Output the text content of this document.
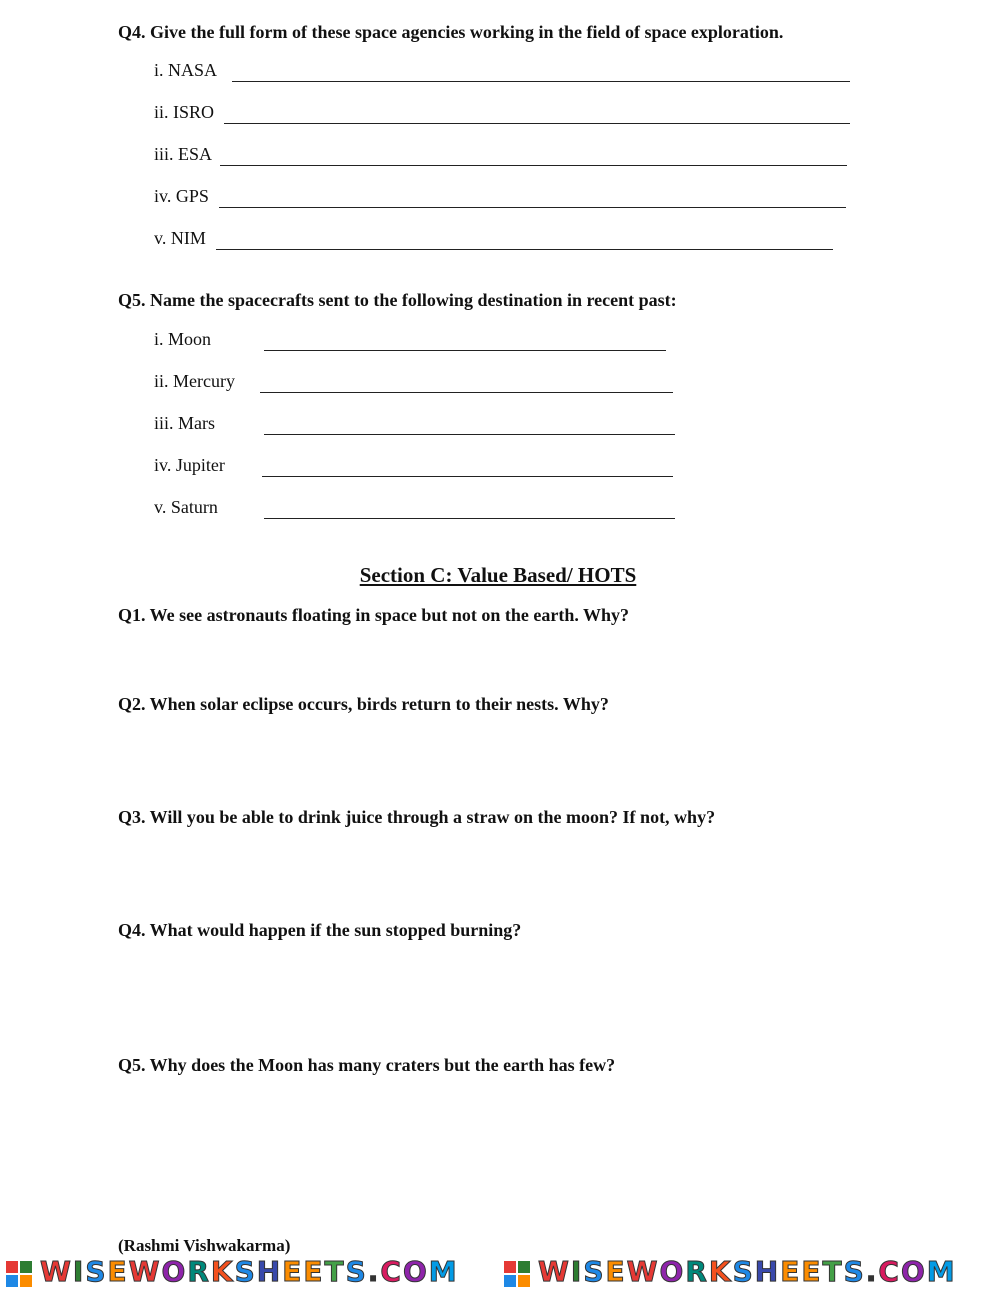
Q4. Give the full form of these space agencies working in the field of space exploration.
i. NASA
ii. ISRO
iii. ESA
iv. GPS
v. NIM
Q5. Name the spacecrafts sent to the following destination in recent past:
i. Moon
ii. Mercury
iii. Mars
iv. Jupiter
v. Saturn
Section C: Value Based/ HOTS
Q1. We see astronauts floating in space but not on the earth. Why?
Q2. When solar eclipse occurs, birds return to their nests. Why?
Q3. Will you be able to drink juice through a straw on the moon? If not, why?
Q4. What would happen if the sun stopped burning?
Q5. Why does the Moon has many craters but the earth has few?
(Rashmi Vishwakarma)
WISEWORKSHEETS.COM	WISEWORKSHEETS.COM
